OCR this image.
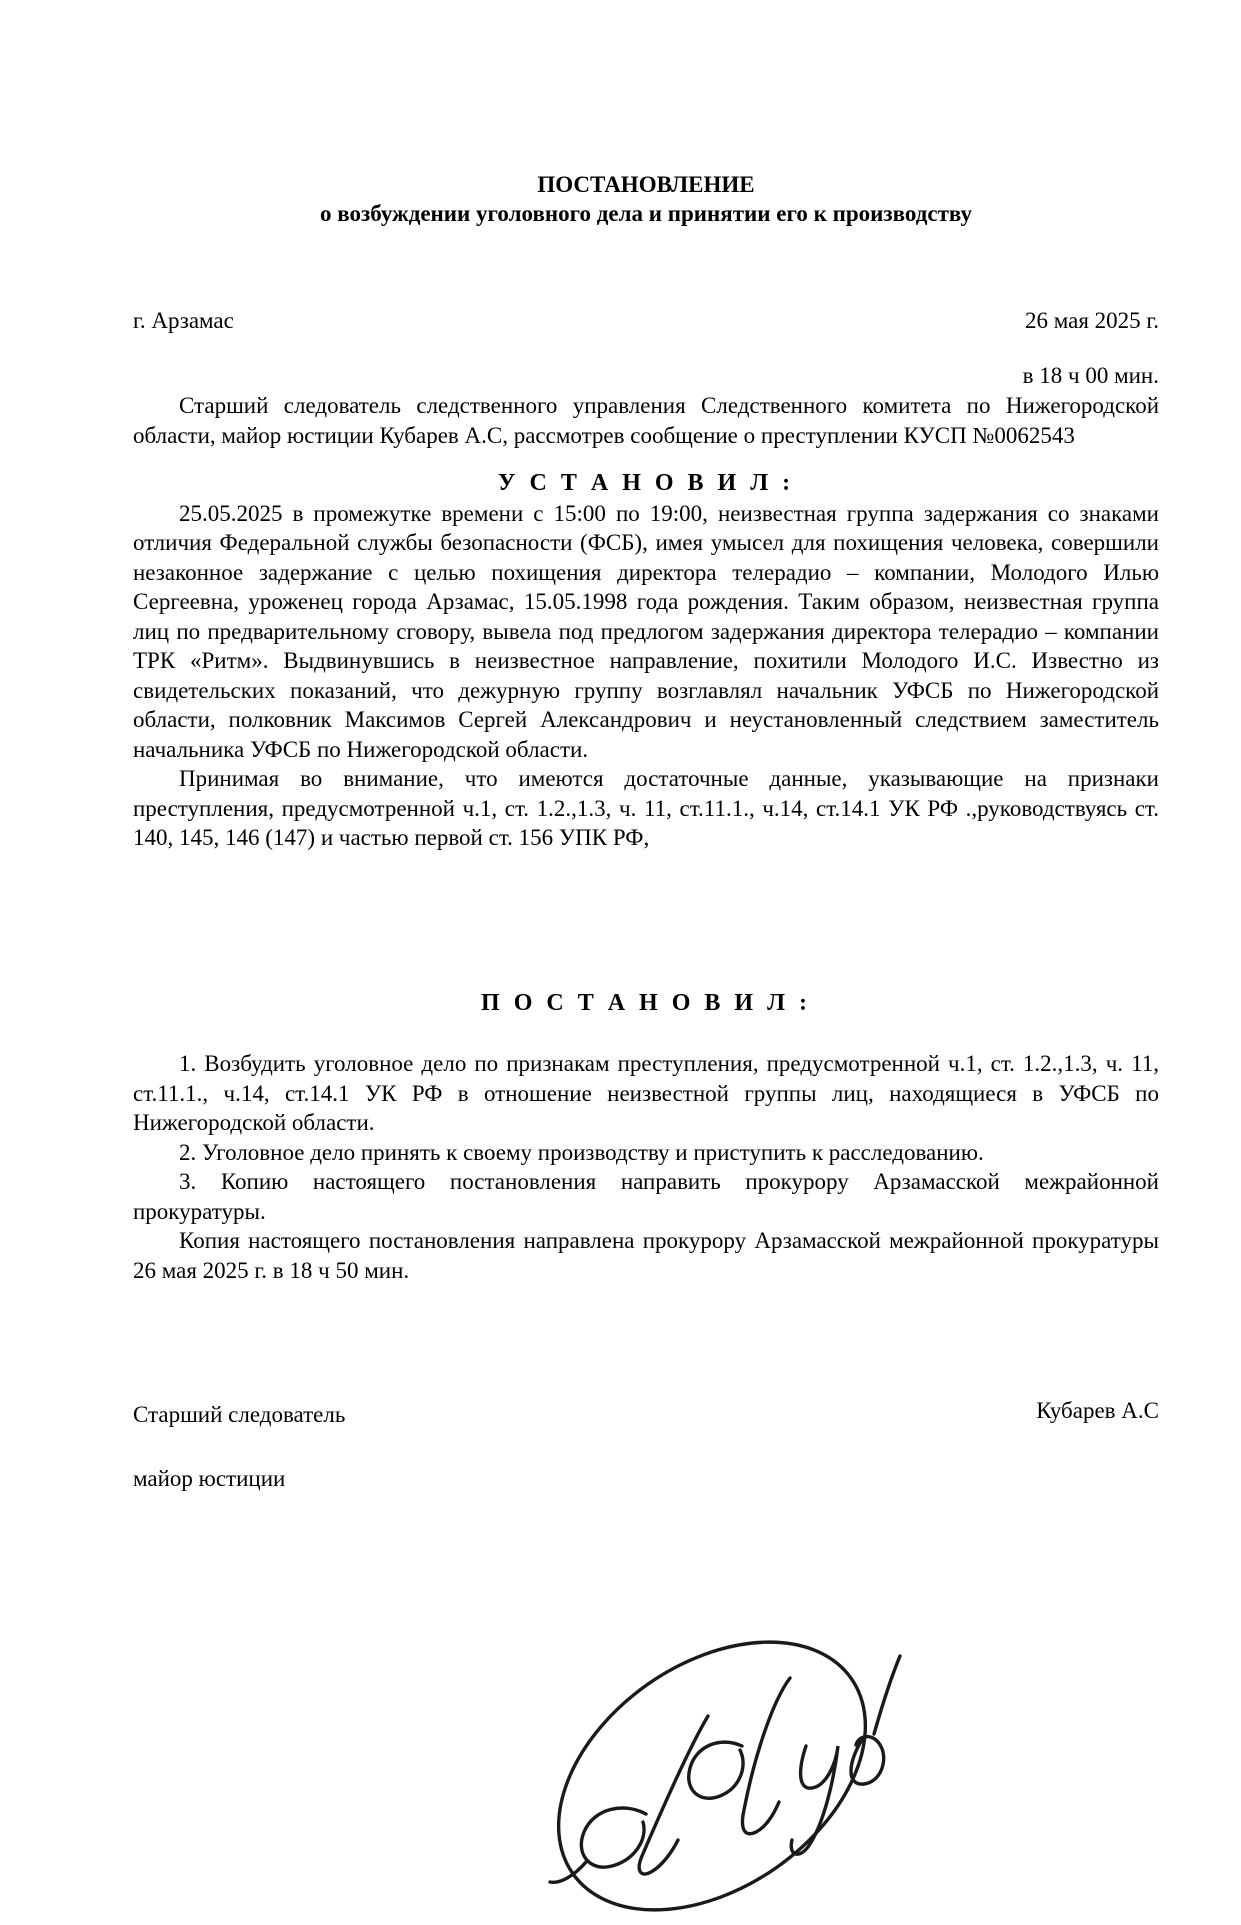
ПОСТАНОВЛЕНИЕ
о возбуждении уголовного дела и принятии его к производству
г. Арзамас	26 мая 2025 г.
в 18 ч 00 мин.

Старший следователь следственного управления Следственного комитета по Нижегородской области, майор юстиции Кубарев А.С, рассмотрев сообщение о преступлении КУСП №0062543

У С Т А Н О В И Л :

25.05.2025 в промежутке времени с 15:00 по 19:00, неизвестная группа задержания со знаками отличия Федеральной службы безопасности (ФСБ), имея умысел для похищения человека, совершили незаконное задержание с целью похищения директора телерадио – компании, Молодого Илью Сергеевна, уроженец города Арзамас, 15.05.1998 года рождения. Таким образом, неизвестная группа лиц по предварительному сговору, вывела под предлогом задержания директора телерадио – компании ТРК «Ритм». Выдвинувшись в неизвестное направление, похитили Молодого И.С. Известно из свидетельских показаний, что дежурную группу возглавлял начальник УФСБ по Нижегородской области, полковник Максимов Сергей Александрович и неустановленный следствием заместитель начальника УФСБ по Нижегородской области.

Принимая во внимание, что имеются достаточные данные, указывающие на признаки преступления, предусмотренной ч.1, ст. 1.2.,1.3, ч. 11, ст.11.1., ч.14, ст.14.1 УК РФ .,руководствуясь ст. 140, 145, 146 (147) и частью первой ст. 156 УПК РФ,

П О С Т А Н О В И Л :

1. Возбудить уголовное дело по признакам преступления, предусмотренной ч.1, ст. 1.2.,1.3, ч. 11, ст.11.1., ч.14, ст.14.1 УК РФ в отношение неизвестной группы лиц, находящиеся в УФСБ по Нижегородской области.

2. Уголовное дело принять к своему производству и приступить к расследованию.

3. Копию настоящего постановления направить прокурору Арзамасской межрайонной прокуратуры.

Копия настоящего постановления направлена прокурору Арзамасской межрайонной прокуратуры 26 мая 2025 г. в 18 ч 50 мин.

Старший следователь

майор юстиции

Кубарев А.С
